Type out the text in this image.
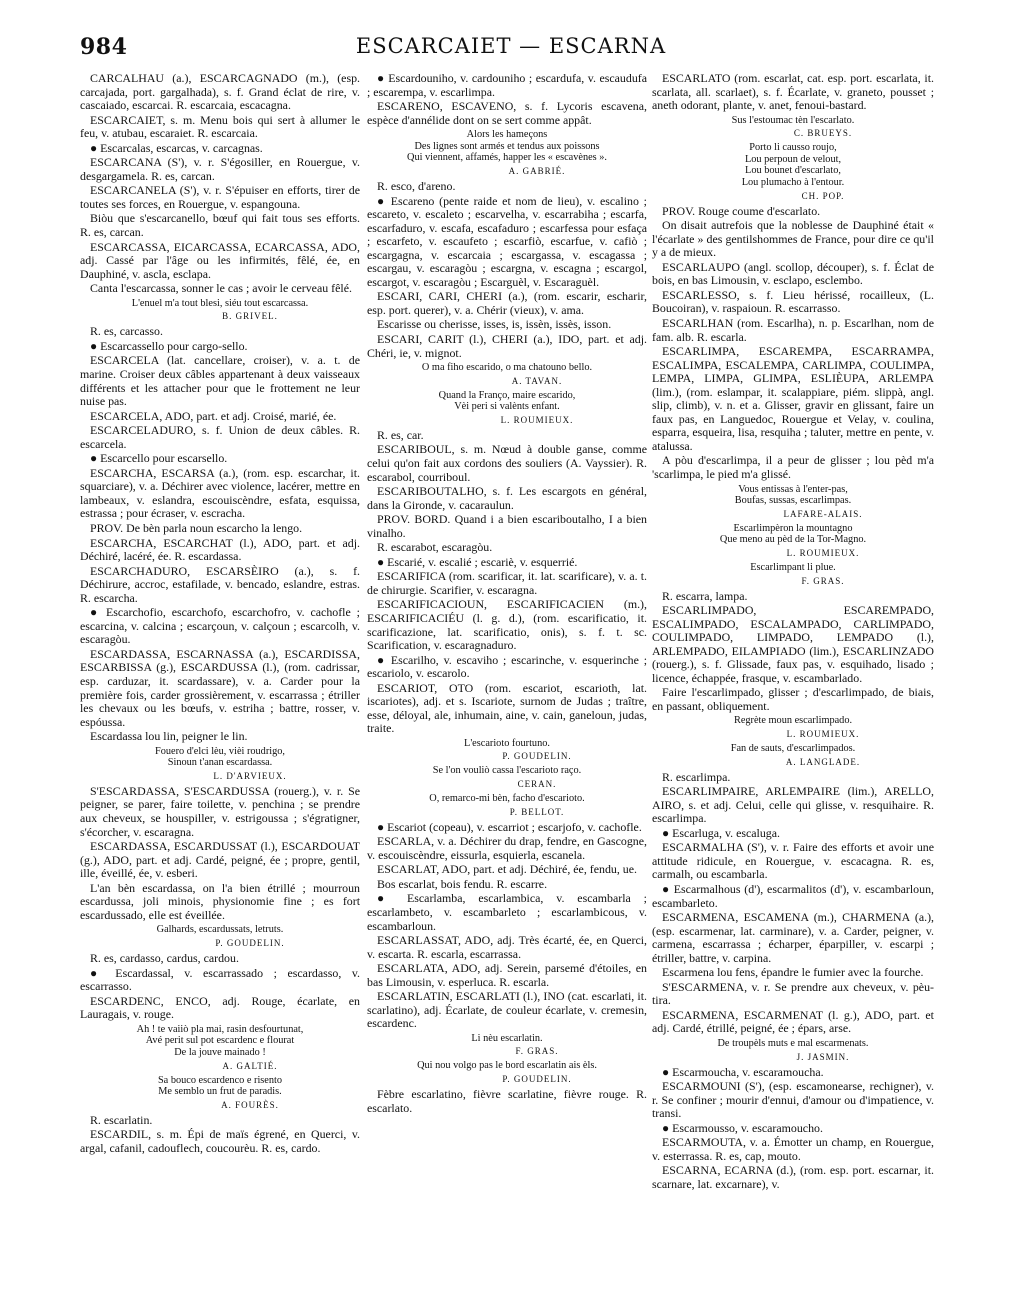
984	ESCARCAIET — ESCARNA
CARCALHAU (a.), ESCARCAGNADO (m.), (esp. carcajada, port. gargalhada), s. f. Grand éclat de rire, v. cascaiado, escarcai. R. escarcaia, escacagna.
ESCARCAIET, s. m. Menu bois qui sert à allumer le feu, v. atubau, escaraiet. R. escarcaia.
● Escarcalas, escarcas, v. carcagnas.
ESCARCANA (S'), v. r. S'égosiller, en Rouergue, v. desgargamela. R. es, carcan.
ESCARCANELA (S'), v. r. S'épuiser en efforts, tirer de toutes ses forces, en Rouergue, v. espangouna.
Biòu que s'escarcanello, bœuf qui fait tous ses efforts. R. es, carcan.
ESCARCASSA, EICARCASSA, ECARCASSA, ADO, adj. Cassé par l'âge ou les infirmités, fêlé, ée, en Dauphiné, v. ascla, esclapa.
Canta l'escarcassa, sonner le cas ; avoir le cerveau fêlé.
L'enuel m'a tout blesi, siéu tout escarcassa.
B. GRIVEL.
R. es, carcasso.
● Escarcassello pour cargo-sello.
ESCARCELA (lat. cancellare, croiser), v. a. t. de marine. Croiser deux câbles appartenant à deux vaisseaux différents et les attacher pour que le frottement ne leur nuise pas.
ESCARCELA, ADO, part. et adj. Croisé, marié, ée.
ESCARCELADURO, s. f. Union de deux câbles. R. escarcela.
● Escarcello pour escarsello.
ESCARCHA, ESCARSA (a.), (rom. esp. escarchar, it. squarciare), v. a. Déchirer avec violence, lacérer, mettre en lambeaux, v. eslandra, escouiscèndre, esfata, esquissa, estrassa ; pour écraser, v. escracha.
PROV. De bèn parla noun escarcho la lengo.
ESCARCHA, ESCARCHAT (l.), ADO, part. et adj. Déchiré, lacéré, ée. R. escardassa.
ESCARCHADURO, ESCARSÈIRO (a.), s. f. Déchirure, accroc, estafilade, v. bencado, eslandre, estras. R. escarcha.
● Escarchofio, escarchofo, escarchofro, v. cachofle ; escarcina, v. calcina ; escarçoun, v. calçoun ; escarcolh, v. escaragòu.
ESCARDASSA, ESCARNASSA (a.), ESCARDISSA, ESCARBISSA (g.), ESCARDUSSA (l.), (rom. cadrissar, esp. carduzar, it. scardassare), v. a. Carder pour la première fois, carder grossièrement, v. escarrassa ; étriller les chevaux ou les bœufs, v. estriha ; battre, rosser, v. espóussa.
Escardassa lou lin, peigner le lin.
Fouero d'elci lèu, vièi roudrigo,
Sinoun t'anan escardassa.
L. D'ARVIEUX.
S'ESCARDASSA, S'ESCARDUSSA (rouerg.), v. r. Se peigner, se parer, faire toilette, v. penchina ; se prendre aux cheveux, se houspiller, v. estrigoussa ; s'égratigner, s'écorcher, v. escaragna.
ESCARDASSA, ESCARDUSSAT (l.), ESCARDOUAT (g.), ADO, part. et adj. Cardé, peigné, ée ; propre, gentil, ille, éveillé, ée, v. esberi.
L'an bèn escardassa, on l'a bien étrillé ; mourroun escardussa, joli minois, physionomie fine ; es fort escardussado, elle est éveillée.
Galhards, escardussats, letruts.
P. GOUDELIN.
R. es, cardasso, cardus, cardou.
● Escardassal, v. escarrassado ; escardasso, v. escarrasso.
ESCARDENC, ENCO, adj. Rouge, écarlate, en Lauragais, v. rouge.
Ah ! te vaiiò pla mai, rasin desfourtunat,
Avé perit sul pot escardenc e flourat
De la jouve mainado !
A. GALTIÉ.
Sa bouco escardenco e risento
Me semblo un frut de paradis.
A. FOURÈS.
R. escarlatin.
ESCARDIL, s. m. Épi de maïs égrené, en Querci, v. argal, cafanil, cadouflech, coucourèu. R. es, cardo.
● Escardouniho, v. cardouniho ; escardufa, v. escaudufa ; escarempa, v. escarlimpa.
ESCARENO, ESCAVENO, s. f. Lycoris escavena, espèce d'annélide dont on se sert comme appât.
Alors les hameçons
Des lignes sont armés et tendus aux poissons
Qui viennent, affamés, happer les « escavènes ».
A. GABRIÉ.
R. esco, d'areno.
● Escareno (pente raide et nom de lieu), v. escalino ; escareto, v. escaleto ; escarvelha, v. escarrabiha ; escarfa, escarfaduro, v. escafa, escafaduro ; escarfessa pour esfaça ; escarfeto, v. escaufeto ; escarfiò, escarfue, v. cafiò ; escargagna, v. escarcaia ; escargassa, v. escagassa ; escargau, v. escaragòu ; escargna, v. escagna ; escargol, escargot, v. escaragòu ; Escarguèl, v. Escaraguèl.
ESCARI, CARI, CHERI (a.), (rom. escarir, escharir, esp. port. querer), v. a. Chérir (vieux), v. ama.
Escarisse ou cherisse, isses, is, issèn, issès, isson.
ESCARI, CARIT (l.), CHERI (a.), IDO, part. et adj. Chéri, ie, v. mignot.
O ma fiho escarido, o ma chatouno bello.
A. TAVAN.
Quand la Franço, maire escarido,
Vèi peri si valènts enfant.
L. ROUMIEUX.
R. es, car.
ESCARIBOUL, s. m. Nœud à double ganse, comme celui qu'on fait aux cordons des souliers (A. Vayssier). R. escarabol, courriboul.
ESCARIBOUTALHO, s. f. Les escargots en général, dans la Gironde, v. cacaraulun.
PROV. BORD. Quand i a bien escariboutalho, I a bien vinalho.
R. escarabot, escaragòu.
● Escarié, v. escalié ; escariè, v. esquerrié.
ESCARIFICA (rom. scarificar, it. lat. scarificare), v. a. t. de chirurgie. Scarifier, v. escaragna.
ESCARIFICACIOUN, ESCARIFICACIEN (m.), ESCARIFICACIÉU (l. g. d.), (rom. escarificatio, it. scarificazione, lat. scarificatio, onis), s. f. t. sc. Scarification, v. escaragnaduro.
● Escarilho, v. escaviho ; escarinche, v. esquerinche ; escariolo, v. escarolo.
ESCARIOT, OTO (rom. escariot, escarioth, lat. iscariotes), adj. et s. Iscariote, surnom de Judas ; traître, esse, déloyal, ale, inhumain, aine, v. cain, ganeloun, judas, traite.
L'escarioto fourtuno.
P. GOUDELIN.
Se l'on vouliò cassa l'escarioto raço.
CERAN.
O, remarco-mi bèn, facho d'escarioto.
P. BELLOT.
● Escariot (copeau), v. escarriot ; escarjofo, v. cachofle.
ESCARLA, v. a. Déchirer du drap, fendre, en Gascogne, v. escouiscèndre, eissurla, esquierla, escanela.
ESCARLAT, ADO, part. et adj. Déchiré, ée, fendu, ue.
Bos escarlat, bois fendu. R. escarre.
● Escarlamba, escarlambica, v. escambarla ; escarlambeto, v. escambarleto ; escarlambicous, v. escambarloun.
ESCARLASSAT, ADO, adj. Très écarté, ée, en Querci, v. escarta. R. escarla, escarrassa.
ESCARLATA, ADO, adj. Serein, parsemé d'étoiles, en bas Limousin, v. esperluca. R. escarla.
ESCARLATIN, ESCARLATI (l.), INO (cat. escarlati, it. scarlatino), adj. Écarlate, de couleur écarlate, v. cremesin, escardenc.
Li nèu escarlatin.
F. GRAS.
Qui nou volgo pas le bord escarlatin ais èls.
P. GOUDELIN.
Fèbre escarlatino, fièvre scarlatine, fièvre rouge. R. escarlato.
ESCARLATO (rom. escarlat, cat. esp. port. escarlata, it. scarlata, all. scarlaet), s. f. Écarlate, v. graneto, pousset ; aneth odorant, plante, v. anet, fenoui-bastard.
Sus l'estoumac tèn l'escarlato.
C. BRUEYS.
Porto li causso roujo,
Lou perpoun de velout,
Lou bounet d'escarlato,
Lou plumacho à l'entour.
CH. POP.
PROV. Rouge coume d'escarlato.
On disait autrefois que la noblesse de Dauphiné était « l'écarlate » des gentilshommes de France, pour dire ce qu'il y a de mieux.
ESCARLAUPO (angl. scollop, découper), s. f. Éclat de bois, en bas Limousin, v. esclapo, esclembo.
ESCARLESSO, s. f. Lieu hérissé, rocailleux, (L. Boucoiran), v. raspaioun. R. escarrasso.
ESCARLHAN (rom. Escarlha), n. p. Escarlhan, nom de fam. alb. R. escarla.
ESCARLIMPA, ESCAREMPA, ESCARRAMPA, ESCALIMPA, ESCALEMPA, CARLIMPA, COULIMPA, LEMPA, LIMPA, GLIMPA, ESLIÈUPA, ARLEMPA (lim.), (rom. eslampar, it. scalappiare, piém. slippà, angl. slip, climb), v. n. et a. Glisser, gravir en glissant, faire un faux pas, en Languedoc, Rouergue et Velay, v. coulina, esparra, esqueira, lisa, resquiha ; taluter, mettre en pente, v. atalussa.
A pòu d'escarlimpa, il a peur de glisser ; lou pèd m'a 'scarlimpa, le pied m'a glissé.
Vous entissas à l'enter-pas,
Boufas, sussas, escarlimpas.
LAFARE-ALAIS.
Escarlimpèron la mountagno
Que meno au pèd de la Tor-Magno.
L. ROUMIEUX.
Escarlimpant li plue.
F. GRAS.
R. escarra, lampa.
ESCARLIMPADO, ESCAREMPADO, ESCALIMPADO, ESCALAMPADO, CARLIMPADO, COULIMPADO, LIMPADO, LEMPADO (l.), ARLEMPADO, EILAMPIADO (lim.), ESCARLINZADO (rouerg.), s. f. Glissade, faux pas, v. esquihado, lisado ; licence, échappée, frasque, v. escambarlado.
Faire l'escarlimpado, glisser ; d'escarlimpado, de biais, en passant, obliquement.
Regrète moun escarlimpado.
L. ROUMIEUX.
Fan de sauts, d'escarlimpados.
A. LANGLADE.
R. escarlimpa.
ESCARLIMPAIRE, ARLEMPAIRE (lim.), ARELLO, AIRO, s. et adj. Celui, celle qui glisse, v. resquihaire. R. escarlimpa.
● Escarluga, v. escaluga.
ESCARMALHA (S'), v. r. Faire des efforts et avoir une attitude ridicule, en Rouergue, v. escacagna. R. es, carmalh, ou escambarla.
● Escarmalhous (d'), escarmalitos (d'), v. escambarloun, escambarleto.
ESCARMENA, ESCAMENA (m.), CHARMENA (a.), (esp. escarmenar, lat. carminare), v. a. Carder, peigner, v. carmena, escarrassa ; écharper, éparpiller, v. escarpi ; étriller, battre, v. carpina.
Escarmena lou fens, épandre le fumier avec la fourche.
S'ESCARMENA, v. r. Se prendre aux cheveux, v. pèu-tira.
ESCARMENA, ESCARMENAT (l. g.), ADO, part. et adj. Cardé, étrillé, peigné, ée ; épars, arse.
De troupèls muts e mal escarmenats.
J. JASMIN.
● Escarmoucha, v. escaramoucha.
ESCARMOUNI (S'), (esp. escamonearse, rechigner), v. r. Se confiner ; mourir d'ennui, d'amour ou d'impatience, v. transi.
● Escarmousso, v. escaramoucho.
ESCARMOUTA, v. a. Émotter un champ, en Rouergue, v. esterrassa. R. es, cap, mouto.
ESCARNA, ECARNA (d.), (rom. esp. port. escarnar, it. scarnare, lat. excarnare), v.
